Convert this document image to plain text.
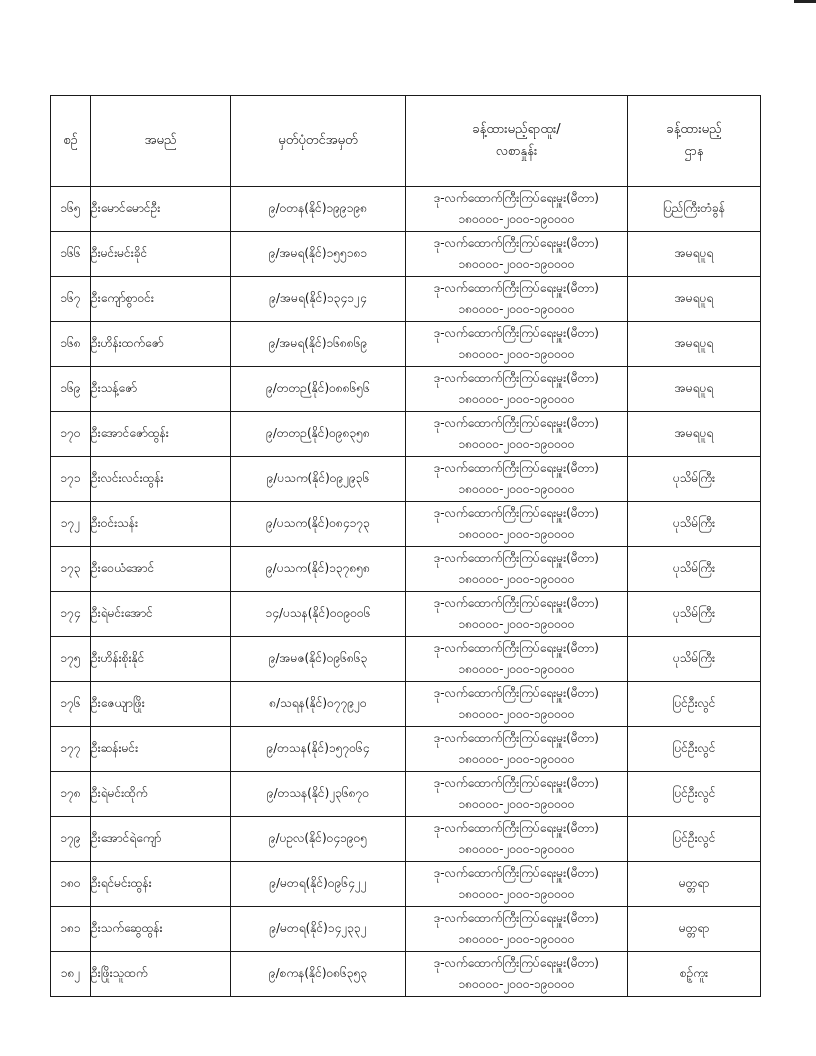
စဉ်	အမည်	မှတ်ပုံတင်အမှတ်	ခန့်ထားမည့်ရာထူး/
လစာနှုန်း	ခန့်ထားမည့်
ဌာန

၁၆၅	ဦးမောင်မောင်ဦး	၉/ဝတန(နိုင်)၁၉၉၁၉၈	ဒု-လက်ထောက်ကြီးကြပ်ရေးမှူး(မီတာ)
၁၈၀၀၀၀-၂၀၀၀-၁၉၀၀၀၀	ပြည်ကြီးတံခွန်
၁၆၆	ဦးမင်းမင်းခိုင်	၉/အမရ(နိုင်)၁၅၅၁၈၁	ဒု-လက်ထောက်ကြီးကြပ်ရေးမှူး(မီတာ)
၁၈၀၀၀၀-၂၀၀၀-၁၉၀၀၀၀	အမရပူရ
၁၆၇	ဦးကျော်စွာဝင်း	၉/အမရ(နိုင်)၁၃၄၁၂၄	ဒု-လက်ထောက်ကြီးကြပ်ရေးမှူး(မီတာ)
၁၈၀၀၀၀-၂၀၀၀-၁၉၀၀၀၀	အမရပူရ
၁၆၈	ဦးဟိန်းထက်ဇော်	၉/အမရ(နိုင်)၁၆၈၈၆၉	ဒု-လက်ထောက်ကြီးကြပ်ရေးမှူး(မီတာ)
၁၈၀၀၀၀-၂၀၀၀-၁၉၀၀၀၀	အမရပူရ
၁၆၉	ဦးသန့်ဇော်	၉/တတဉ(နိုင်)၀၈၈၆၅၆	ဒု-လက်ထောက်ကြီးကြပ်ရေးမှူး(မီတာ)
၁၈၀၀၀၀-၂၀၀၀-၁၉၀၀၀၀	အမရပူရ
၁၇၀	ဦးအောင်ဇော်ထွန်း	၉/တတဉ(နိုင်)၀၉၈၃၅၈	ဒု-လက်ထောက်ကြီးကြပ်ရေးမှူး(မီတာ)
၁၈၀၀၀၀-၂၀၀၀-၁၉၀၀၀၀	အမရပူရ
၁၇၁	ဦးလင်းလင်းထွန်း	၉/ပသက(နိုင်)၀၉၂၉၃၆	ဒု-လက်ထောက်ကြီးကြပ်ရေးမှူး(မီတာ)
၁၈၀၀၀၀-၂၀၀၀-၁၉၀၀၀၀	ပုသိမ်ကြီး
၁၇၂	ဦးဝင်းသန်း	၉/ပသက(နိုင်)၀၈၄၁၇၃	ဒု-လက်ထောက်ကြီးကြပ်ရေးမှူး(မီတာ)
၁၈၀၀၀၀-၂၀၀၀-၁၉၀၀၀၀	ပုသိမ်ကြီး
၁၇၃	ဦးဝေယံအောင်	၉/ပသက(နိုင်)၁၃၇၈၅၈	ဒု-လက်ထောက်ကြီးကြပ်ရေးမှူး(မီတာ)
၁၈၀၀၀၀-၂၀၀၀-၁၉၀၀၀၀	ပုသိမ်ကြီး
၁၇၄	ဦးရဲမင်းအောင်	၁၄/ပသန(နိုင်)၀၀၉၀၀၆	ဒု-လက်ထောက်ကြီးကြပ်ရေးမှူး(မီတာ)
၁၈၀၀၀၀-၂၀၀၀-၁၉၀၀၀၀	ပုသိမ်ကြီး
၁၇၅	ဦးဟိန်းစိုးနိုင်	၉/အမဇ(နိုင်)၀၉၆၈၆၃	ဒု-လက်ထောက်ကြီးကြပ်ရေးမှူး(မီတာ)
၁၈၀၀၀၀-၂၀၀၀-၁၉၀၀၀၀	ပုသိမ်ကြီး
၁၇၆	ဦးဇေယျာဖြိုး	၈/သရန(နိုင်)၀၇၇၉၂၀	ဒု-လက်ထောက်ကြီးကြပ်ရေးမှူး(မီတာ)
၁၈၀၀၀၀-၂၀၀၀-၁၉၀၀၀၀	ပြင်ဦးလွင်
၁၇၇	ဦးဆန်းမင်း	၉/တသန(နိုင်)၁၅၇၀၆၄	ဒု-လက်ထောက်ကြီးကြပ်ရေးမှူး(မီတာ)
၁၈၀၀၀၀-၂၀၀၀-၁၉၀၀၀၀	ပြင်ဦးလွင်
၁၇၈	ဦးရဲမင်းထိုက်	၉/တသန(နိုင်)၂၃၆၈၇၀	ဒု-လက်ထောက်ကြီးကြပ်ရေးမှူး(မီတာ)
၁၈၀၀၀၀-၂၀၀၀-၁၉၀၀၀၀	ပြင်ဦးလွင်
၁၇၉	ဦးအောင်ရဲကျော်	၉/ပဥလ(နိုင်)၀၄၁၉၀၅	ဒု-လက်ထောက်ကြီးကြပ်ရေးမှူး(မီတာ)
၁၈၀၀၀၀-၂၀၀၀-၁၉၀၀၀၀	ပြင်ဦးလွင်
၁၈၀	ဦးရင်မင်းထွန်း	၉/မတရ(နိုင်)၀၉၆၄၂၂	ဒု-လက်ထောက်ကြီးကြပ်ရေးမှူး(မီတာ)
၁၈၀၀၀၀-၂၀၀၀-၁၉၀၀၀၀	မတ္တရာ
၁၈၁	ဦးသက်ဆွေထွန်း	၉/မတရ(နိုင်)၁၄၂၃၃၂	ဒု-လက်ထောက်ကြီးကြပ်ရေးမှူး(မီတာ)
၁၈၀၀၀၀-၂၀၀၀-၁၉၀၀၀၀	မတ္တရာ
၁၈၂	ဦးဖြိုးသူထက်	၉/စကန(နိုင်)၀၈၆၃၅၃	ဒု-လက်ထောက်ကြီးကြပ်ရေးမှူး(မီတာ)
၁၈၀၀၀၀-၂၀၀၀-၁၉၀၀၀၀	စဉ့်ကူး
